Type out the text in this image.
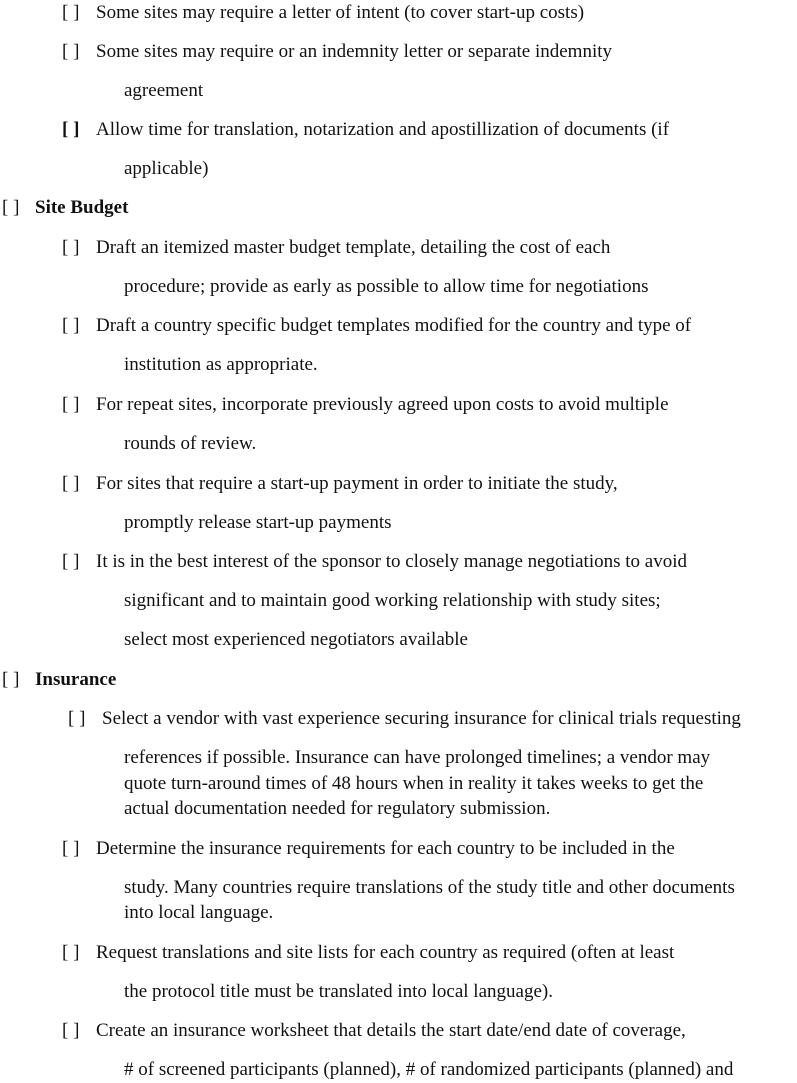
[ ] Some sites may require a letter of intent (to cover start-up costs)
[ ] Some sites may require or an indemnity letter or separate indemnity
agreement
[ ] Allow time for translation, notarization and apostillization of documents (if
applicable)
[ ] Site Budget
[ ] Draft an itemized master budget template, detailing the cost of each
procedure; provide as early as possible to allow time for negotiations
[ ] Draft a country specific budget templates modified for the country and type of
institution as appropriate.
[ ] For repeat sites, incorporate previously agreed upon costs to avoid multiple
rounds of review.
[ ] For sites that require a start-up payment in order to initiate the study,
promptly release start-up payments
[ ] It is in the best interest of the sponsor to closely manage negotiations to avoid
significant and to maintain good working relationship with study sites;
select most experienced negotiators available
[ ] Insurance
[ ] Select a vendor with vast experience securing insurance for clinical trials requesting
references if possible. Insurance can have prolonged timelines; a vendor may
quote turn-around times of 48 hours when in reality it takes weeks to get the
actual documentation needed for regulatory submission.
[ ] Determine the insurance requirements for each country to be included in the
study. Many countries require translations of the study title and other documents
into local language.
[ ] Request translations and site lists for each country as required (often at least
the protocol title must be translated into local language).
[ ] Create an insurance worksheet that details the start date/end date of coverage,
# of screened participants (planned), # of randomized participants (planned) and
